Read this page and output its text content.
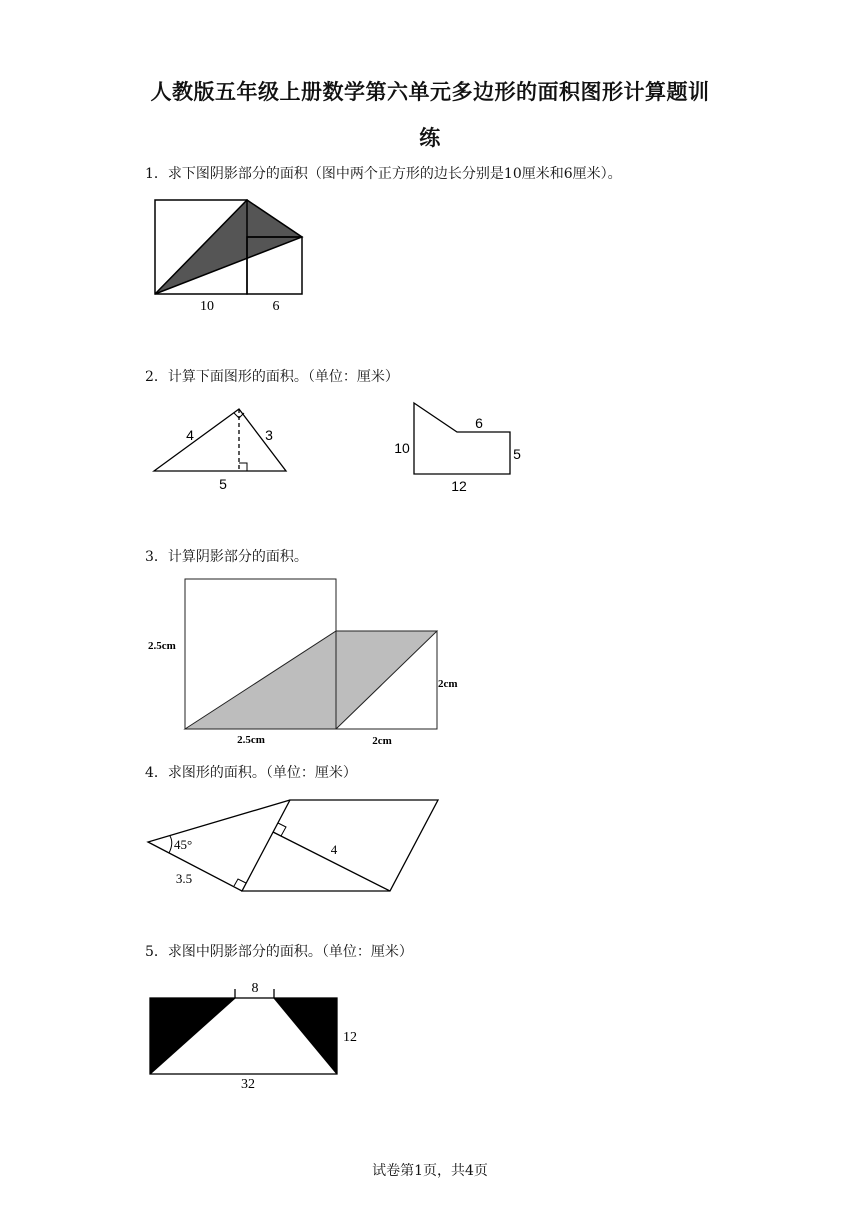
人教版五年级上册数学第六单元多边形的面积图形计算题训
练
1．求下图阴影部分的面积（图中两个正方形的边长分别是10厘米和6厘米）。
10	6
2．计算下面图形的面积。（单位：厘米）
4	3
5
6
10	5
12
3．计算阴影部分的面积。
2.5cm
2cm
2.5cm	2cm
4．求图形的面积。（单位：厘米）
45°	4
3.5
5．求图中阴影部分的面积。（单位：厘米）
8
12
32
试卷第1页，共4页
